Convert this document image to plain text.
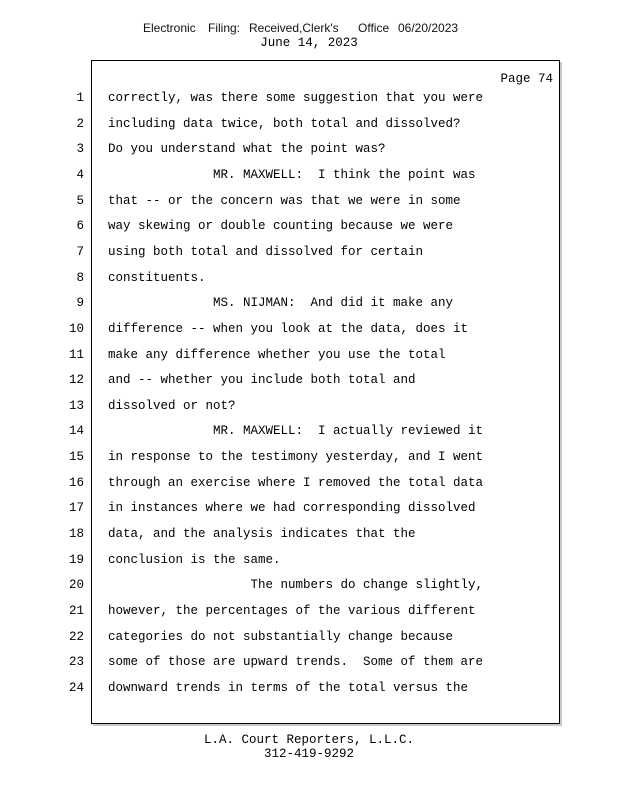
Electronic Filing: Received,Clerk's Office 06/20/2023
June 14, 2023
Page 74
1 correctly, was there some suggestion that you were
2 including data twice, both total and dissolved?
3 Do you understand what the point was?
4 MR. MAXWELL:  I think the point was
5 that -- or the concern was that we were in some
6 way skewing or double counting because we were
7 using both total and dissolved for certain
8 constituents.
9 MS. NIJMAN:  And did it make any
10 difference -- when you look at the data, does it
11 make any difference whether you use the total
12 and -- whether you include both total and
13 dissolved or not?
14 MR. MAXWELL:  I actually reviewed it
15 in response to the testimony yesterday, and I went
16 through an exercise where I removed the total data
17 in instances where we had corresponding dissolved
18 data, and the analysis indicates that the
19 conclusion is the same.
20 The numbers do change slightly,
21 however, the percentages of the various different
22 categories do not substantially change because
23 some of those are upward trends.  Some of them are
24 downward trends in terms of the total versus the
L.A. Court Reporters, L.L.C.
312-419-9292
